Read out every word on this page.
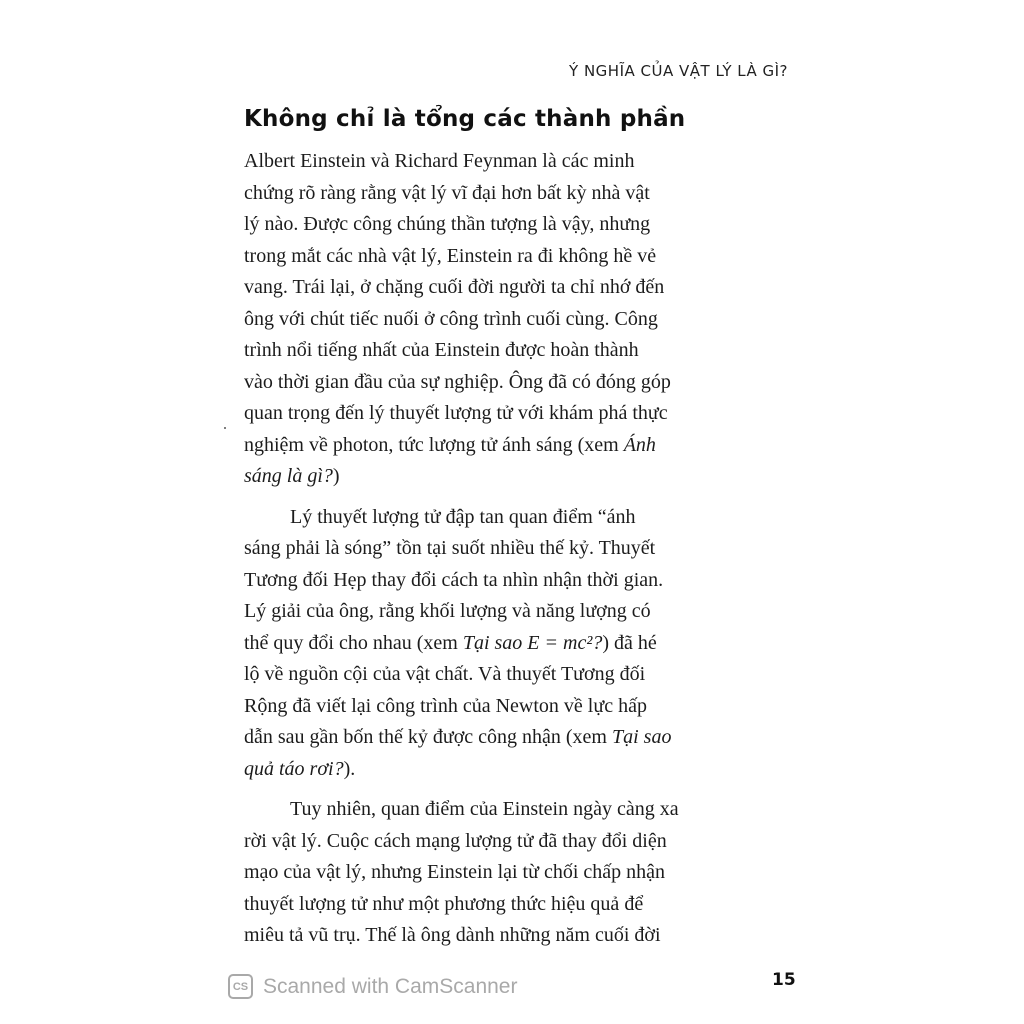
Ý NGHĨA CỦA VẬT LÝ LÀ GÌ?
Không chỉ là tổng các thành phần
Albert Einstein và Richard Feynman là các minh
chứng rõ ràng rằng vật lý vĩ đại hơn bất kỳ nhà vật
lý nào. Được công chúng thần tượng là vậy, nhưng
trong mắt các nhà vật lý, Einstein ra đi không hề vẻ
vang. Trái lại, ở chặng cuối đời người ta chỉ nhớ đến
ông với chút tiếc nuối ở công trình cuối cùng. Công
trình nổi tiếng nhất của Einstein được hoàn thành
vào thời gian đầu của sự nghiệp. Ông đã có đóng góp
quan trọng đến lý thuyết lượng tử với khám phá thực
nghiệm về photon, tức lượng tử ánh sáng (xem Ánh
sáng là gì?)
Lý thuyết lượng tử đập tan quan điểm “ánh
sáng phải là sóng” tồn tại suốt nhiều thế kỷ. Thuyết
Tương đối Hẹp thay đổi cách ta nhìn nhận thời gian.
Lý giải của ông, rằng khối lượng và năng lượng có
thể quy đổi cho nhau (xem Tại sao E = mc²?) đã hé
lộ về nguồn cội của vật chất. Và thuyết Tương đối
Rộng đã viết lại công trình của Newton về lực hấp
dẫn sau gần bốn thế kỷ được công nhận (xem Tại sao
quả táo rơi?).
Tuy nhiên, quan điểm của Einstein ngày càng xa
rời vật lý. Cuộc cách mạng lượng tử đã thay đổi diện
mạo của vật lý, nhưng Einstein lại từ chối chấp nhận
thuyết lượng tử như một phương thức hiệu quả để
miêu tả vũ trụ. Thế là ông dành những năm cuối đời
CS Scanned with CamScanner	15
